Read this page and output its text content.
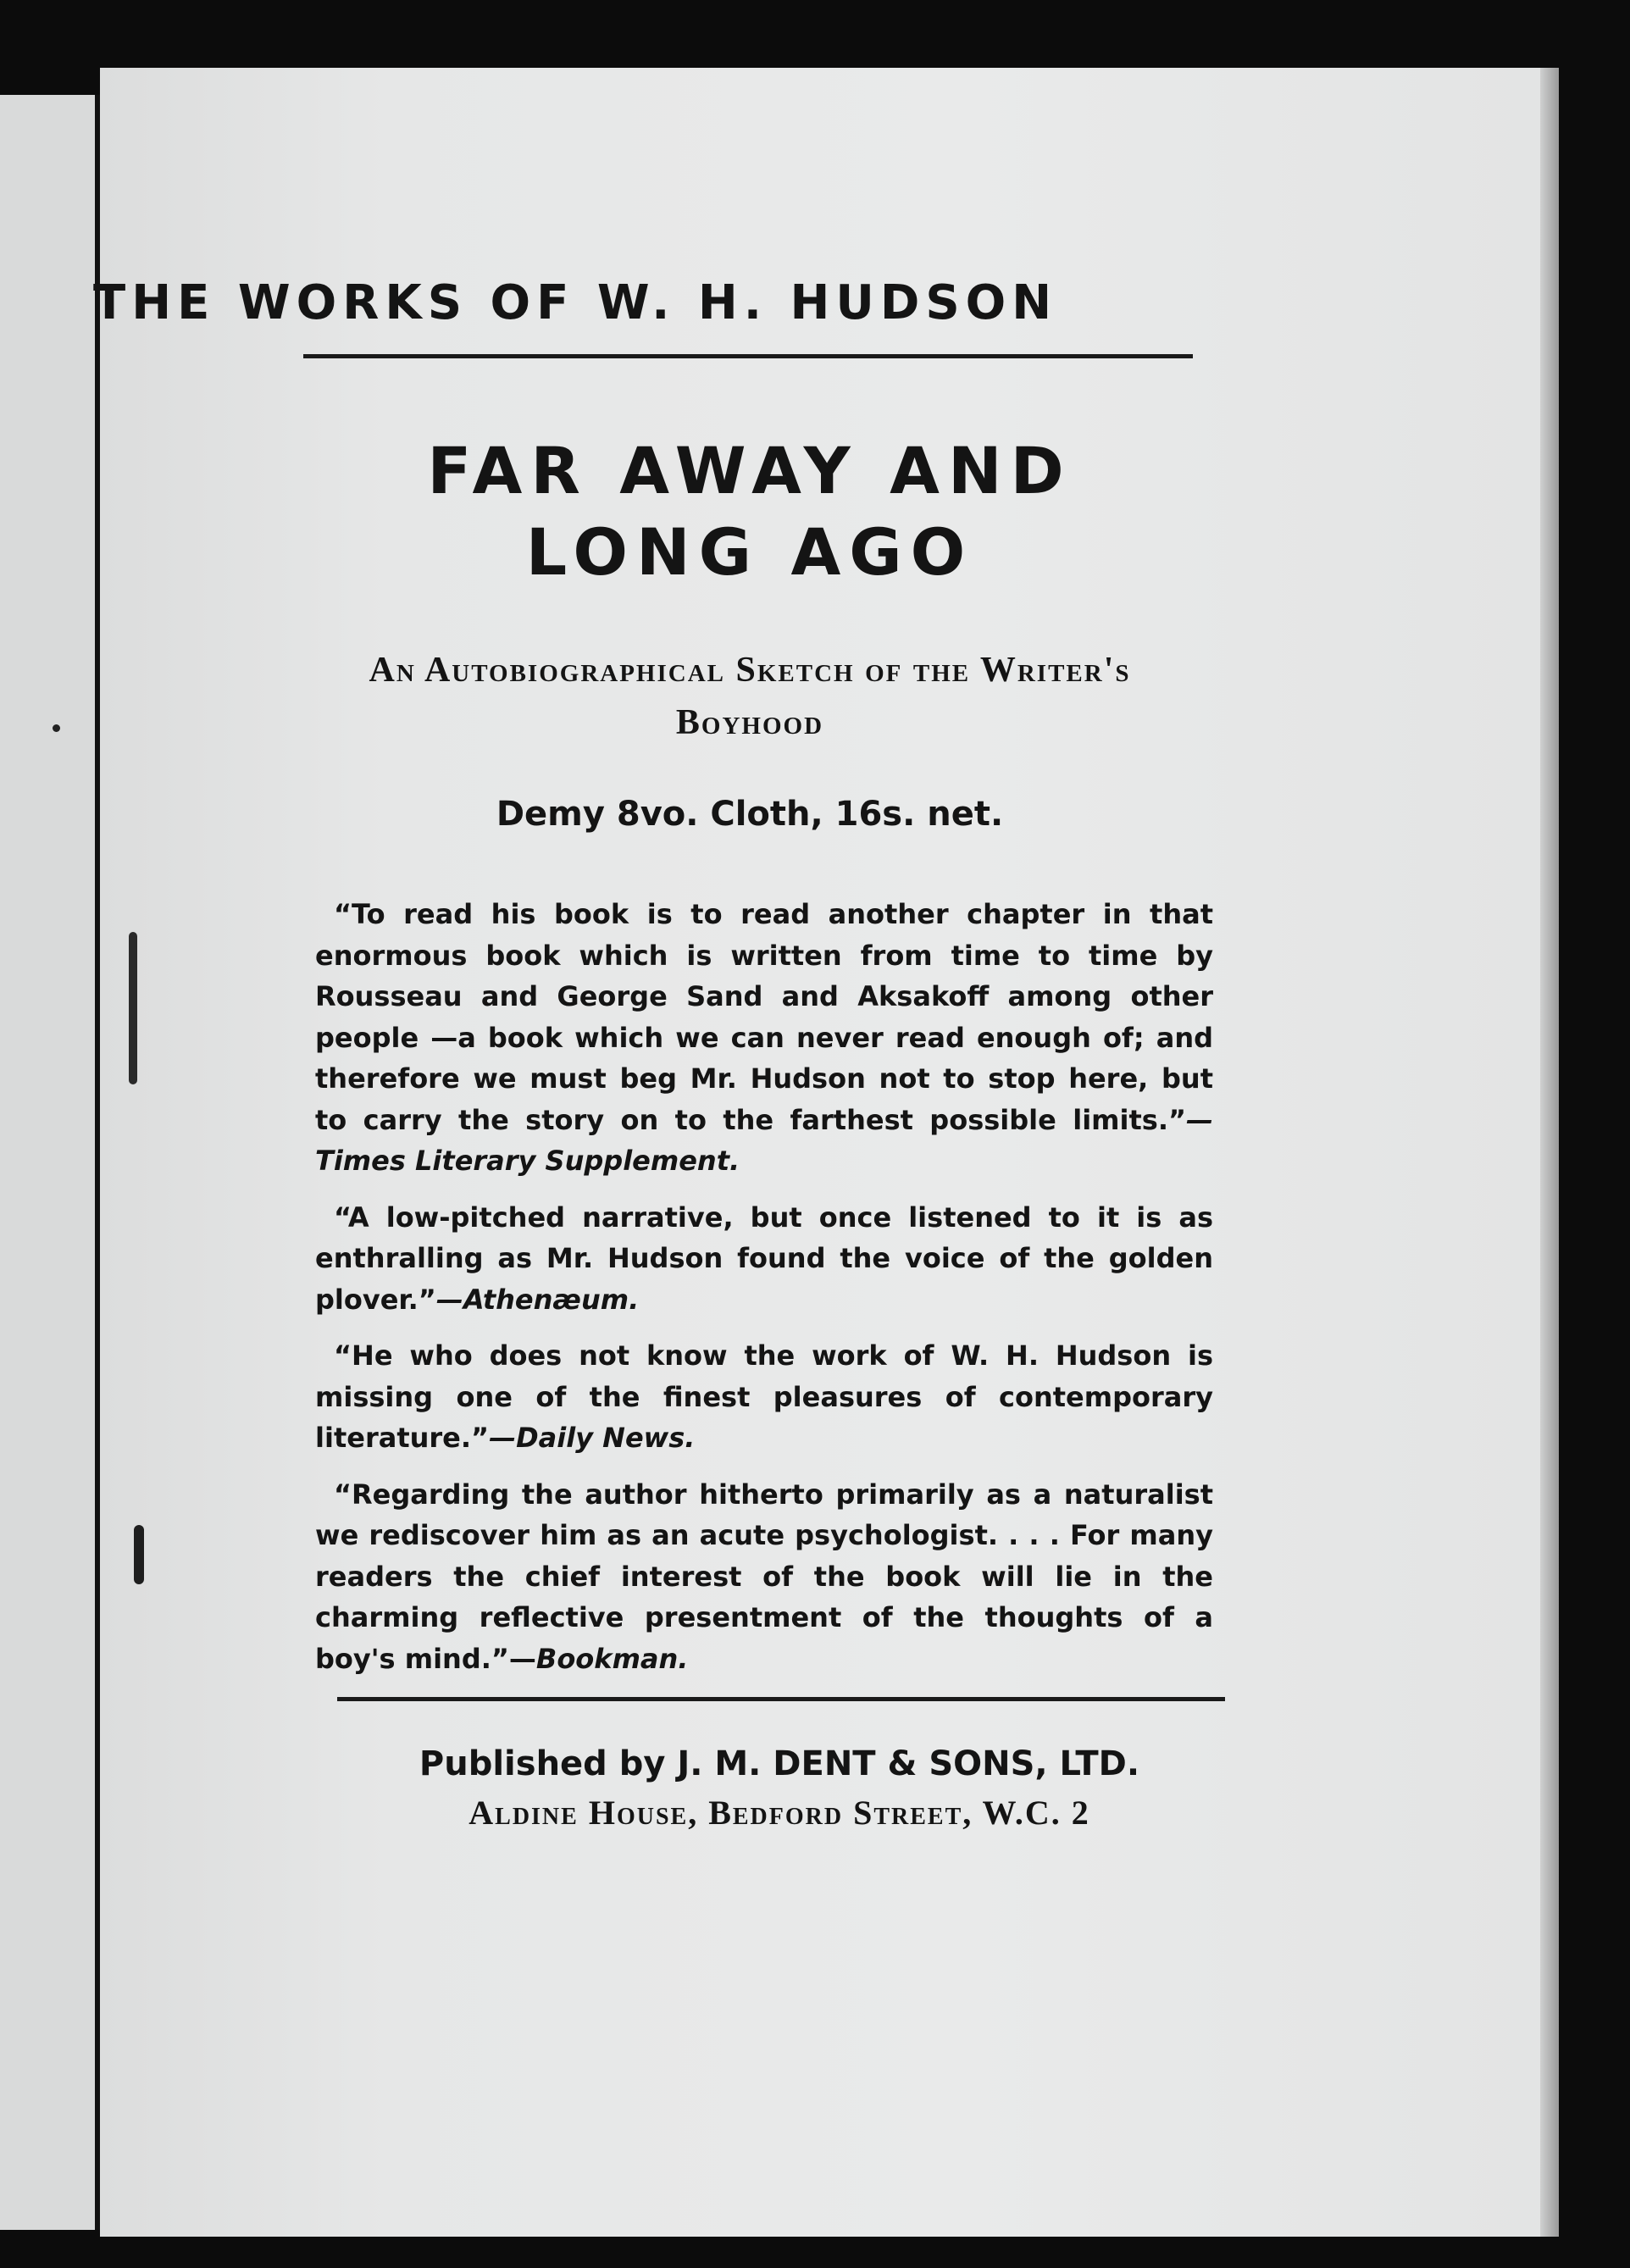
THE WORKS OF W. H. HUDSON
FAR AWAY AND
LONG AGO
An Autobiographical Sketch of the Writer's
Boyhood
Demy 8vo. Cloth, 16s. net.

“To read his book is to read another chapter in that enormous book which is written from time to time by Rousseau and George Sand and Aksakoff among other people —a book which we can never read enough of; and therefore we must beg Mr. Hudson not to stop here, but to carry the story on to the farthest possible limits.”—Times Literary Supplement.

“A low-pitched narrative, but once listened to it is as enthralling as Mr. Hudson found the voice of the golden plover.”—Athenæum.

“He who does not know the work of W. H. Hudson is missing one of the finest pleasures of contemporary literature.”—Daily News.

“Regarding the author hitherto primarily as a naturalist we rediscover him as an acute psychologist. . . . For many readers the chief interest of the book will lie in the charming reflective presentment of the thoughts of a boy's mind.”—Bookman.

Published by J. M. DENT & SONS, LTD.
Aldine House, Bedford Street, W.C. 2
